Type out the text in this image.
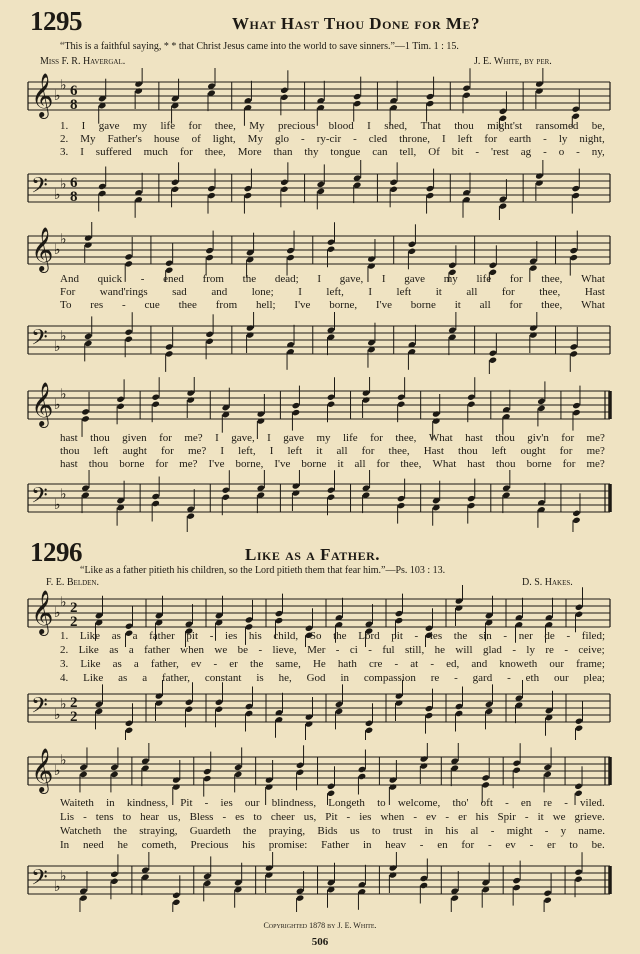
1295	What Hast Thou Done for Me?
“This is a faithful saying, * * that Christ Jesus came into the world to save sinners.”—1 Tim. 1 : 15.
Miss F. R. Havergal.	J. E. White, by per.
𝄞 ♭
♭ 6
8
1. I gave my life for thee, My precious blood I shed, That thou might'st ransomed be,
2. My Father's house of light, My glo - ry-cir - cled throne, I left for earth - ly night,
3. I suffered much for thee, More than thy tongue can tell, Of bit - 'rest ag - o - ny,
𝄢 ♭
♭ 6
8
𝄞 ♭
♭
And quick - ened from the dead; I gave, I gave my life for thee, What
For wand'rings sad and lone; I left, I left it all for thee, Hast
To res - cue thee from hell; I've borne, I've borne it all for thee, What
𝄢 ♭
♭
𝄞 ♭
♭
hast thou given for me? I gave, I gave my life for thee, What hast thou giv'n for me?
thou left aught for me? I left, I left it all for thee, Hast thou left ought for me?
hast thou borne for me? I've borne, I've borne it all for thee, What hast thou borne for me?
𝄢 ♭
♭
1296	Like as a Father.
“Like as a father pitieth his children, so the Lord pitieth them that fear him.”—Ps. 103 : 13.
F. E. Belden.	D. S. Hakes.
𝄞 ♭
♭ 2
2
1. Like as a father pit - ies his child, So the Lord pit - ies the sin - ner de - filed;
2. Like as a father when we be - lieve, Mer - ci - ful still, he will glad - ly re - ceive;
3. Like as a father, ev - er the same, He hath cre - at - ed, and knoweth our frame;
4. Like as a father, constant is he, God in compassion re - gard - eth our plea;
𝄢 ♭
♭ 2
2
𝄞 ♭
♭
Waiteth in kindness, Pit - ies our blindness, Longeth to welcome, tho' oft - en re - viled.
Lis - tens to hear us, Bless - es to cheer us, Pit - ies when - ev - er his Spir - it we grieve.
Watcheth the straying, Guardeth the praying, Bids us to trust in his al - might - y name.
In need he cometh, Precious his promise: Father in heav - en for - ev - er to be.
𝄢 ♭
♭
Copyrighted 1878 by J. E. White.
506
